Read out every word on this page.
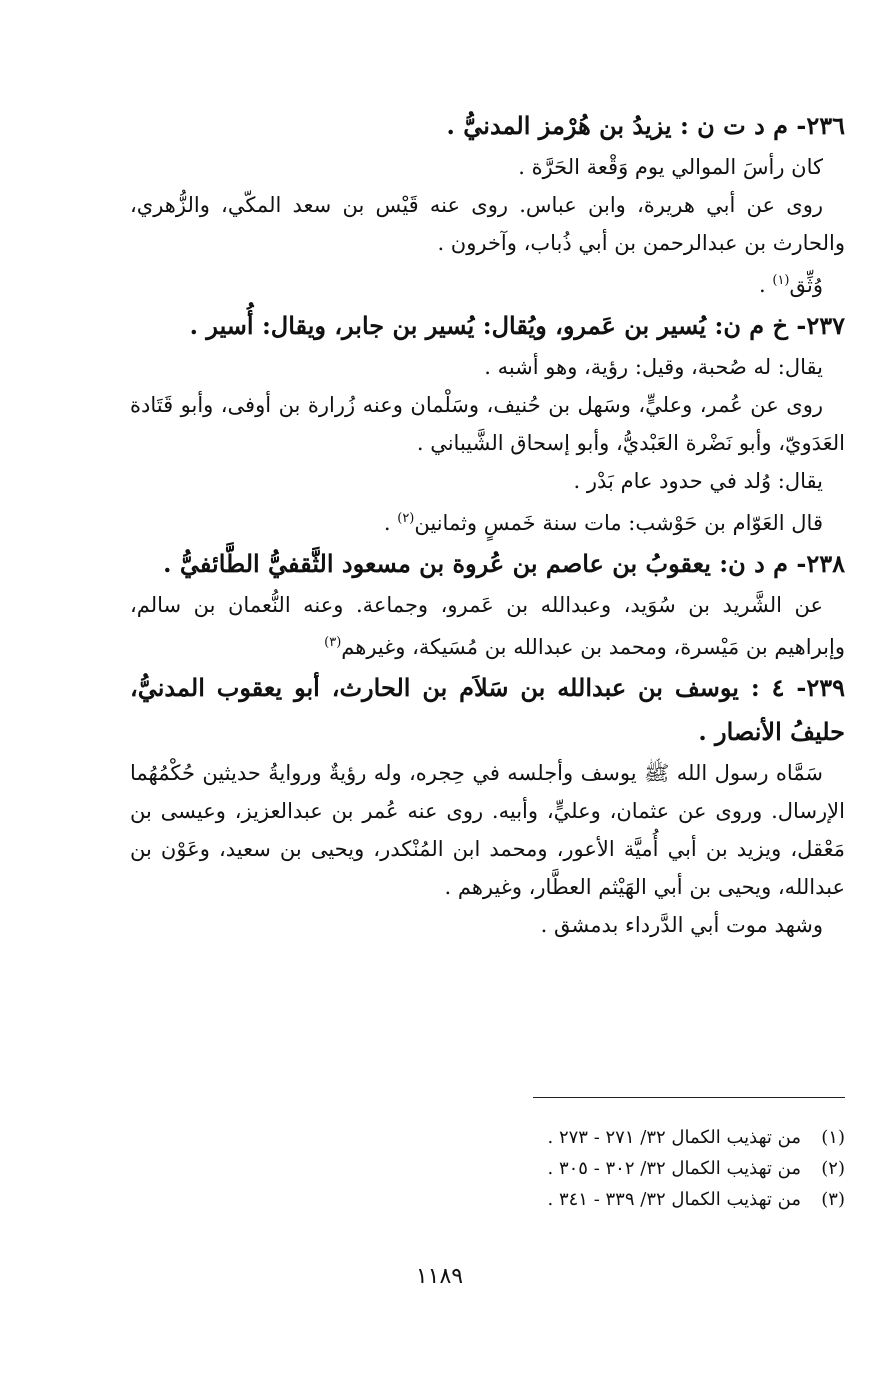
٢٣٦- م د ت ن : يزيدُ بن هُرْمز المدنيُّ .

كان رأسَ الموالي يوم وَقْعة الحَرَّة .

روى عن أبي هريرة، وابن عباس. روى عنه قَيْس بن سعد المكّي، والزُّهري، والحارث بن عبدالرحمن بن أبي ذُباب، وآخرون .

وُثِّق$^{(١)}$ .

٢٣٧- خ م ن: يُسير بن عَمرو، ويُقال: يُسير بن جابر، ويقال: أُسير .

يقال: له صُحبة، وقيل: رؤية، وهو أشبه .

روى عن عُمر، وعليٍّ، وسَهل بن حُنيف، وسَلْمان وعنه زُرارة بن أوفى، وأبو قَتَادة العَدَويّ، وأبو نَضْرة العَبْديُّ، وأبو إسحاق الشَّيباني .

يقال: وُلد في حدود عام بَدْر .

قال العَوّام بن حَوْشب: مات سنة خَمسٍ وثمانين$^{(٢)}$ .

٢٣٨- م د ن: يعقوبُ بن عاصم بن عُروة بن مسعود الثَّقفيُّ الطَّائفيُّ .

عن الشَّريد بن سُوَيد، وعبدالله بن عَمرو، وجماعة. وعنه النُّعمان بن سالم، وإبراهيم بن مَيْسرة، ومحمد بن عبدالله بن مُسَيكة، وغيرهم$^{(٣)}$

٢٣٩- ٤ : يوسف بن عبدالله بن سَلاَم بن الحارث، أبو يعقوب المدنيُّ، حليفُ الأنصار .

سَمَّاه رسول الله ﷺ يوسف وأجلسه في حِجره، وله رؤيةٌ وروايةُ حديثين حُكْمُهُما الإرسال. وروى عن عثمان، وعليٍّ، وأبيه. روى عنه عُمر بن عبدالعزيز، وعيسى بن مَعْقل، ويزيد بن أبي أُميَّة الأعور، ومحمد ابن المُنْكدر، ويحيى بن سعيد، وعَوْن بن عبدالله، ويحيى بن أبي الهَيْثم العطَّار، وغيرهم .

وشهد موت أبي الدَّرداء بدمشق .

(١)من تهذيب الكمال ٣٢/ ٢٧١ - ٢٧٣ .

(٢)من تهذيب الكمال ٣٢/ ٣٠٢ - ٣٠٥ .

(٣)من تهذيب الكمال ٣٢/ ٣٣٩ - ٣٤١ .

١١٨٩
